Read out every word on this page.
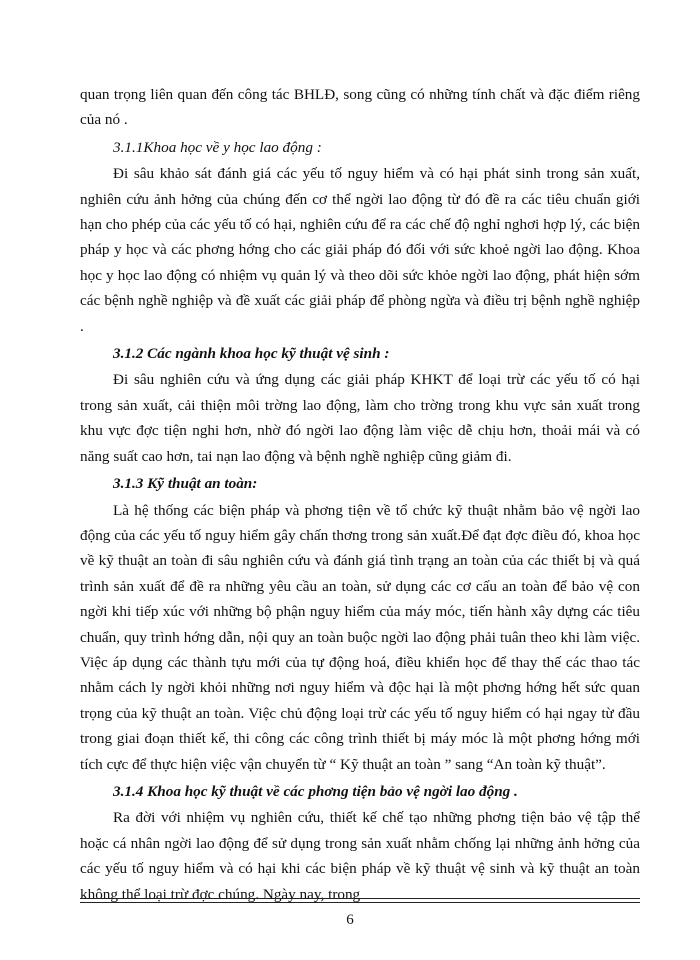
quan trọng liên quan đến công tác BHLĐ, song cũng có những tính chất và đặc điểm riêng của nó .

3.1.1Khoa học về y học lao động :

Đi sâu khảo sát đánh giá các yếu tố nguy hiểm và có hại phát sinh trong sản xuất, nghiên cứu ảnh hởng của chúng đến cơ thể ngời lao động từ đó đề ra các tiêu chuẩn giới hạn cho phép của các yếu tố có hại, nghiên cứu để ra các chế độ nghỉ nghơi hợp lý, các biện pháp y học và các phơng hớng cho các giải pháp đó đối với sức khoẻ ngời lao động. Khoa học y học lao động có nhiệm vụ quản lý và theo dõi sức khỏe ngời lao động, phát hiện sớm các bệnh nghề nghiệp và đề xuất các giải pháp để phòng ngừa và điều trị bệnh nghề nghiệp .

3.1.2 Các ngành khoa học kỹ thuật vệ sinh :

Đi sâu nghiên cứu và ứng dụng các giải pháp KHKT để loại trừ các yếu tố có hại trong sản xuất, cải thiện môi trờng lao động, làm cho trờng trong khu vực sản xuất trong khu vực đợc tiện nghi hơn, nhờ đó ngời lao động làm việc dễ chịu hơn, thoải mái và có năng suất cao hơn, tai nạn lao động và bệnh nghề nghiệp cũng giảm đi.

3.1.3 Kỹ thuật an toàn:

Là hệ thống các biện pháp và phơng tiện về tổ chức kỹ thuật nhằm bảo vệ ngời lao động của các yếu tố nguy hiểm gây chấn thơng trong sản xuất.Để đạt đợc điều đó, khoa học về kỹ thuật an toàn đi sâu nghiên cứu và đánh giá tình trạng an toàn của các thiết bị và quá trình sản xuất để đề ra những yêu cầu an toàn, sử dụng các cơ cấu an toàn để bảo vệ con ngời khi tiếp xúc với những bộ phận nguy hiểm của máy móc, tiến hành xây dựng các tiêu chuẩn, quy trình hớng dẫn, nội quy an toàn buộc ngời lao động phải tuân theo khi làm việc. Việc áp dụng các thành tựu mới của tự động hoá, điều khiển học để thay thế các thao tác nhằm cách ly ngời khỏi những nơi nguy hiểm và độc hại là một phơng hớng hết sức quan trọng của kỹ thuật an toàn. Việc chủ động loại trừ các yếu tố nguy hiểm có hại ngay từ đầu trong giai đoạn thiết kế, thi công các công trình thiết bị máy móc là một phơng hớng mới tích cực để thực hiện việc vận chuyển từ “ Kỹ thuật an toàn ” sang “An toàn kỹ thuật”.

3.1.4 Khoa học kỹ thuật về các phơng tiện bảo vệ ngời lao động .

Ra đời với nhiệm vụ nghiên cứu, thiết kế chế tạo những phơng tiện bảo vệ tập thể hoặc cá nhân ngời lao động để sử dụng trong sản xuất nhằm chống lại những ảnh hởng của các yếu tố nguy hiểm và có hại khi các biện pháp về kỹ thuật vệ sinh và kỹ thuật an toàn không thể loại trừ đợc chúng. Ngày nay, trong

6
